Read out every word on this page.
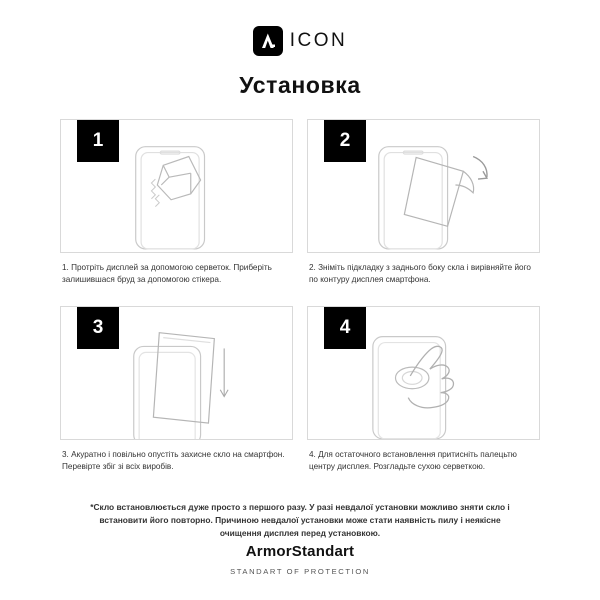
ICON
Установка
1
1. Протріть дисплей за допомогою серветок. Приберіть залишившася бруд за допомогою стікера.
2
2. Зніміть підкладку з заднього боку скла і вирівняйте його по контуру дисплея смартфона.
3
3. Акуратно і повільно опустіть захисне скло на смартфон. Перевірте збіг зі всіх виробів.
4
4. Для остаточного встановлення притисніть палецьтю центру дисплея. Розгладьте сухою серветкою.
*Скло встановлюється дуже просто з першого разу. У разі невдалої установки можливо зняти скло і встановити його повторно. Причиною невдалої установки може стати наявність пилу і неякісне очищення дисплея перед установкою.
ArmorStandart
STANDART OF PROTECTION
